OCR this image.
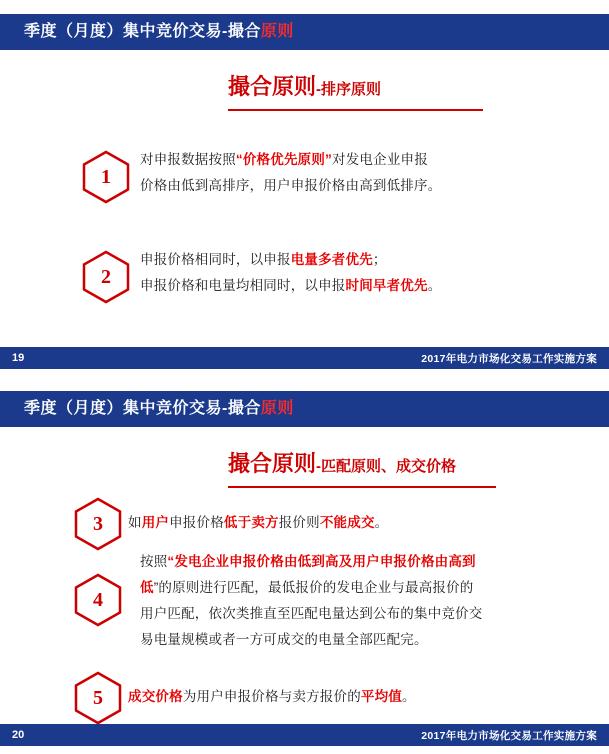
季度（月度）集中竞价交易-撮合原则
撮合原则-排序原则
1
对申报数据按照“价格优先原则”对发电企业申报
价格由低到高排序，用户申报价格由高到低排序。
2
申报价格相同时，以申报电量多者优先；
申报价格和电量均相同时，以申报时间早者优先。
19	2017年电力市场化交易工作实施方案
季度（月度）集中竞价交易-撮合原则
撮合原则-匹配原则、成交价格
3	如用户申报价格低于卖方报价则不能成交。
4
按照“发电企业申报价格由低到高及用户申报价格由高到
低”的原则进行匹配，最低报价的发电企业与最高报价的
用户匹配，依次类推直至匹配电量达到公布的集中竞价交
易电量规模或者一方可成交的电量全部匹配完。
5	成交价格为用户申报价格与卖方报价的平均值。
20	2017年电力市场化交易工作实施方案
